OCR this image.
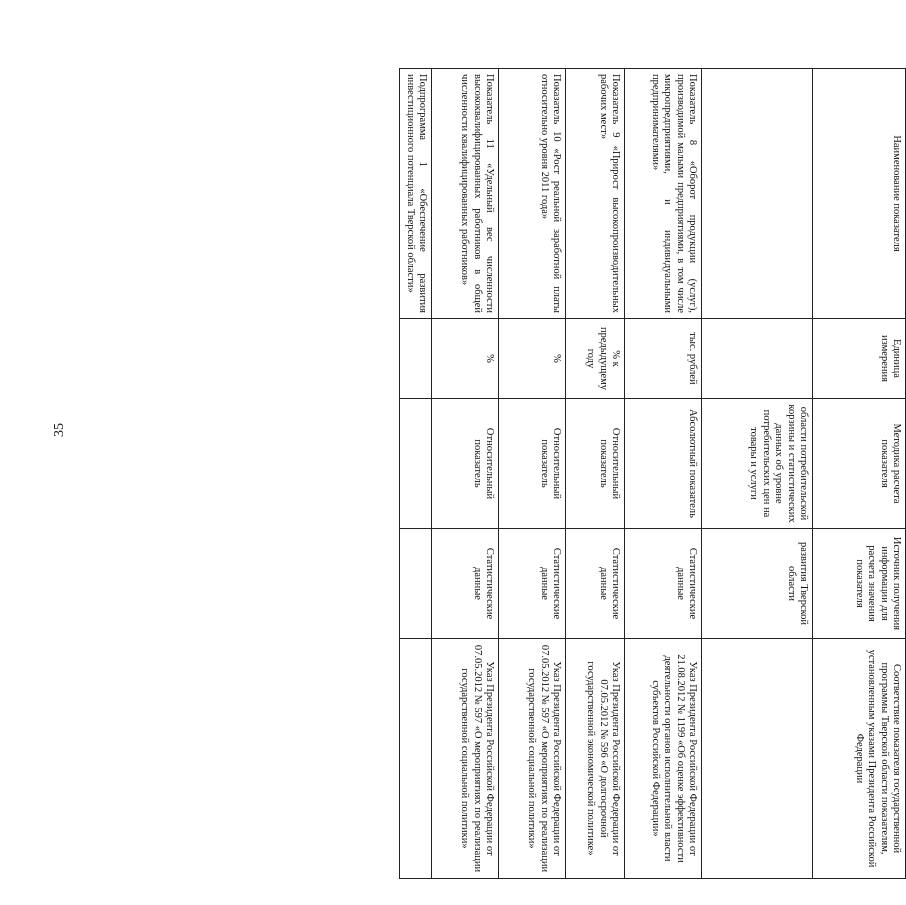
35
Наименование показателя	Единица измерения	Методика расчета показателя	Источник получения информации для расчета значения показателя	Соответствие показателя государственной программы Тверской области показателям, установленным указами Президента Российской Федерации
		области потребительской корзины и статистических данных об уровне потребительских цен на товары и услуги	развития Тверской области	
Показатель 8 «Оборот продукции (услуг), производимой малыми предприятиями, в том числе микропредприятиями, и индивидуальными предпринимателями»	тыс. рублей	Абсолютный показатель	Статистические данные	Указ Президента Российской Федерации от 21.08.2012 № 1199 «Об оценке эффективности деятельности органов исполнительной власти субъектов Российской Федерации»
Показатель 9 «Прирост высокопроизводительных рабочих мест»	% к предыдущему году	Относительный показатель	Статистические данные	Указ Президента Российской Федерации от 07.05.2012 № 596 «О долгосрочной государственной экономической политике»
Показатель 10 «Рост реальной заработной платы относительно уровня 2011 года»	%	Относительный показатель	Статистические данные	Указ Президента Российской Федерации от 07.05.2012 № 597 «О мероприятиях по реализации государственной социальной политики»
Показатель 11 «Удельный вес численности высококвалифицированных работников в общей численности квалифицированных работников»	%	Относительный показатель	Статистические данные	Указ Президента Российской Федерации от 07.05.2012 № 597 «О мероприятиях по реализации государственной социальной политики»
Подпрограмма 1 «Обеспечение развития инвестиционного потенциала Тверской области»				
